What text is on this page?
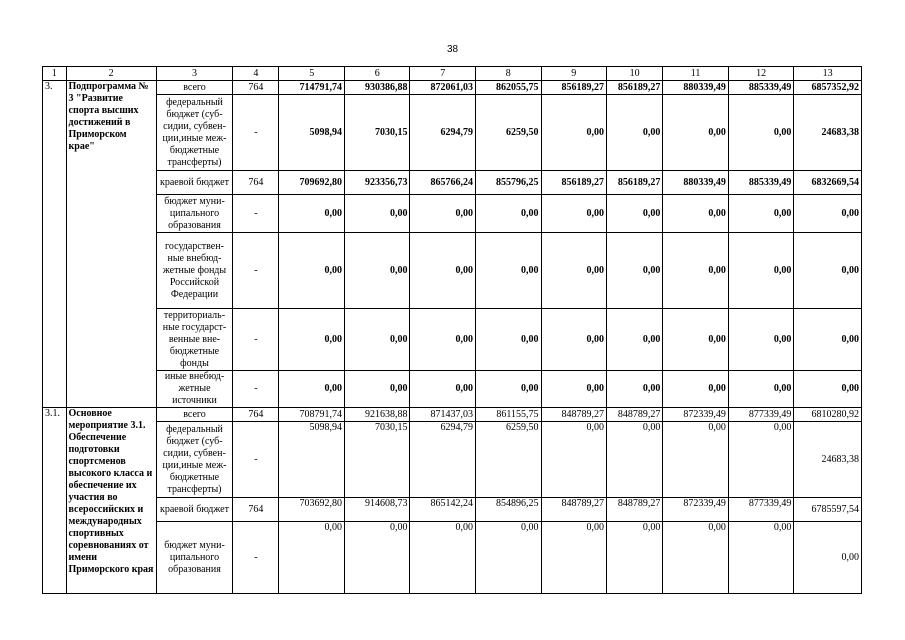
38
1	2	3	4	5	6	7	8	9	10	11	12	13
3.	Подпрограмма № 3 "Развитие спорта высших достижений в Приморском крае"	всего	764	714791,74	930386,88	872061,03	862055,75	856189,27	856189,27	880339,49	885339,49	6857352,92
		федеральный бюджет (суб-сидии, субвен-ции,иные меж-бюджетные трансферты)	-	5098,94	7030,15	6294,79	6259,50	0,00	0,00	0,00	0,00	24683,38
		краевой бюджет	764	709692,80	923356,73	865766,24	855796,25	856189,27	856189,27	880339,49	885339,49	6832669,54
		бюджет муни-ципального образования	-	0,00	0,00	0,00	0,00	0,00	0,00	0,00	0,00	0,00
		государствен-ные внебюд-жетные фонды Российской Федерации	-	0,00	0,00	0,00	0,00	0,00	0,00	0,00	0,00	0,00
		территориаль-ные государст-венные вне-бюджетные фонды	-	0,00	0,00	0,00	0,00	0,00	0,00	0,00	0,00	0,00
		иные внебюд-жетные источники	-	0,00	0,00	0,00	0,00	0,00	0,00	0,00	0,00	0,00
3.1.	Основное мероприятие 3.1. Обеспечение подготовки спортсменов высокого класса и обеспечение их участия во всероссийских и международных спортивных соревнованиях от имени Приморского края	всего	764	708791,74	921638,88	871437,03	861155,75	848789,27	848789,27	872339,49	877339,49	6810280,92
		федеральный бюджет (суб-сидии, субвен-ции,иные меж-бюджетные трансферты)	-	5098,94	7030,15	6294,79	6259,50	0,00	0,00	0,00	0,00	24683,38
		краевой бюджет	764	703692,80	914608,73	865142,24	854896,25	848789,27	848789,27	872339,49	877339,49	6785597,54
		бюджет муни-ципального образования	-	0,00	0,00	0,00	0,00	0,00	0,00	0,00	0,00	0,00
